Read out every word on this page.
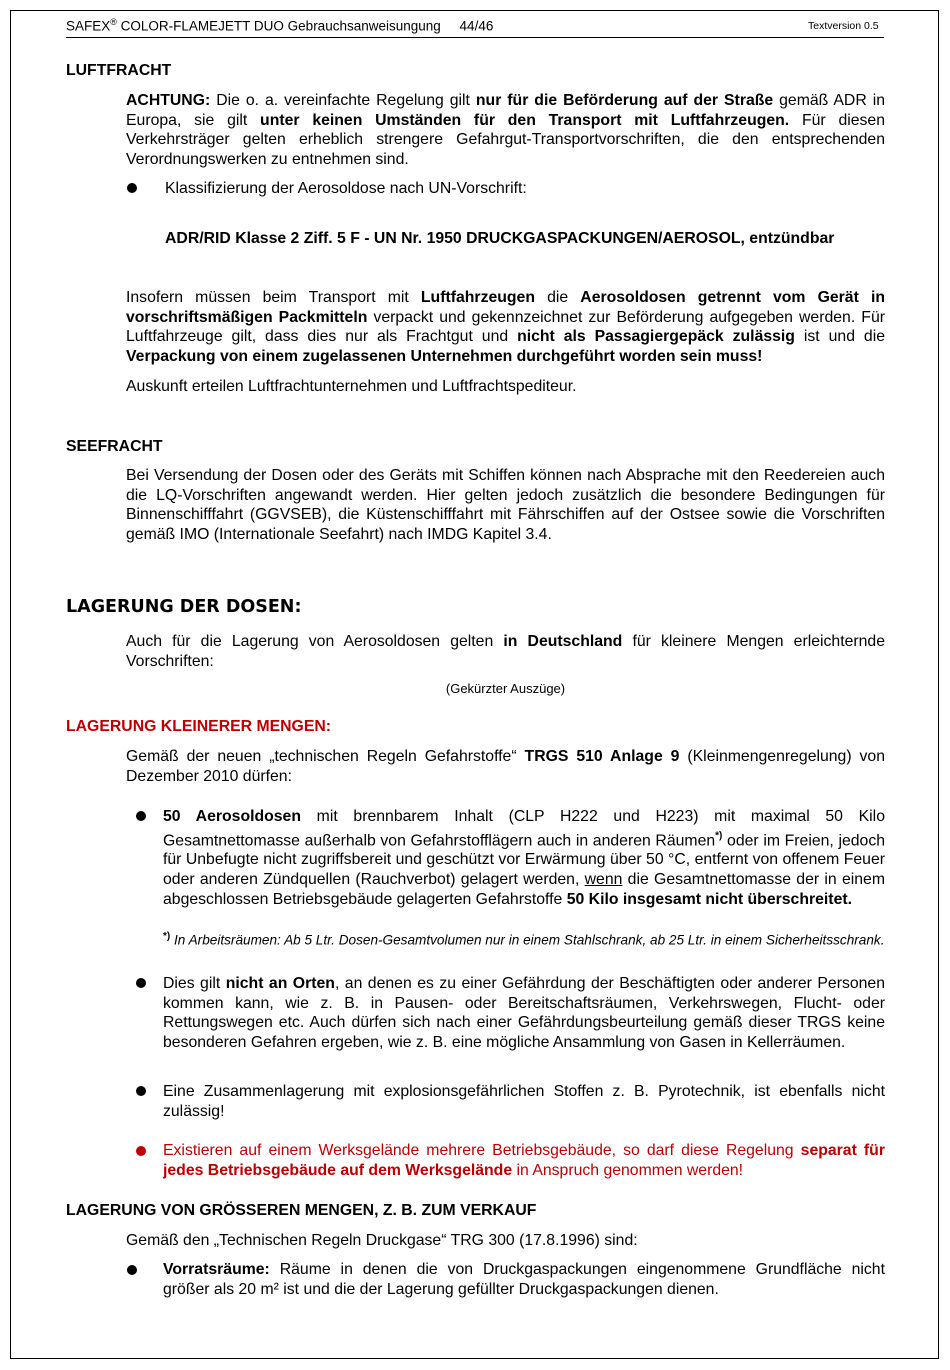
SAFEX® COLOR-FLAMEJETT DUO Gebrauchsanweisungung 44/46	Textversion 0.5
LUFTFRACHT
ACHTUNG: Die o. a. vereinfachte Regelung gilt nur für die Beförderung auf der Straße gemäß ADR in Europa, sie gilt unter keinen Umständen für den Transport mit Luftfahrzeugen. Für diesen Verkehrsträger gelten erheblich strengere Gefahrgut-Transportvorschriften, die den entsprechenden Verordnungswerken zu entnehmen sind.
Klassifizierung der Aerosoldose nach UN-Vorschrift:
ADR/RID Klasse 2 Ziff. 5 F - UN Nr. 1950 DRUCKGASPACKUNGEN/AEROSOL, entzündbar
Insofern müssen beim Transport mit Luftfahrzeugen die Aerosoldosen getrennt vom Gerät in vorschriftsmäßigen Packmitteln verpackt und gekennzeichnet zur Beförderung aufgegeben werden. Für Luftfahrzeuge gilt, dass dies nur als Frachtgut und nicht als Passagiergepäck zulässig ist und die Verpackung von einem zugelassenen Unternehmen durchgeführt worden sein muss!
Auskunft erteilen Luftfrachtunternehmen und Luftfrachtspediteur.
SEEFRACHT
Bei Versendung der Dosen oder des Geräts mit Schiffen können nach Absprache mit den Reedereien auch die LQ-Vorschriften angewandt werden. Hier gelten jedoch zusätzlich die besondere Bedingungen für Binnenschifffahrt (GGVSEB), die Küstenschifffahrt mit Fährschiffen auf der Ostsee sowie die Vorschriften gemäß IMO (Internationale Seefahrt) nach IMDG Kapitel 3.4.
LAGERUNG DER DOSEN:
Auch für die Lagerung von Aerosoldosen gelten in Deutschland für kleinere Mengen erleichternde Vorschriften:
(Gekürzter Auszüge)
LAGERUNG KLEINERER MENGEN:
Gemäß der neuen „technischen Regeln Gefahrstoffe“ TRGS 510 Anlage 9 (Kleinmengenregelung) von Dezember 2010 dürfen:
50 Aerosoldosen mit brennbarem Inhalt (CLP H222 und H223) mit maximal 50 Kilo Gesamtnettomasse außerhalb von Gefahrstofflägern auch in anderen Räumen*) oder im Freien, jedoch für Unbefugte nicht zugriffsbereit und geschützt vor Erwärmung über 50 °C, entfernt von offenem Feuer oder anderen Zündquellen (Rauchverbot) gelagert werden, wenn die Gesamtnettomasse der in einem abgeschlossen Betriebsgebäude gelagerten Gefahrstoffe 50 Kilo insgesamt nicht überschreitet.
*) In Arbeitsräumen: Ab 5 Ltr. Dosen-Gesamtvolumen nur in einem Stahlschrank, ab 25 Ltr. in einem Sicherheitsschrank.
Dies gilt nicht an Orten, an denen es zu einer Gefährdung der Beschäftigten oder anderer Personen kommen kann, wie z. B. in Pausen- oder Bereitschaftsräumen, Verkehrswegen, Flucht- oder Rettungswegen etc. Auch dürfen sich nach einer Gefährdungsbeurteilung gemäß dieser TRGS keine besonderen Gefahren ergeben, wie z. B. eine mögliche Ansammlung von Gasen in Kellerräumen.
Eine Zusammenlagerung mit explosionsgefährlichen Stoffen z. B. Pyrotechnik, ist ebenfalls nicht zulässig!
Existieren auf einem Werksgelände mehrere Betriebsgebäude, so darf diese Regelung separat für jedes Betriebsgebäude auf dem Werksgelände in Anspruch genommen werden!
LAGERUNG VON GRÖSSEREN MENGEN, Z. B. ZUM VERKAUF
Gemäß den „Technischen Regeln Druckgase“ TRG 300 (17.8.1996) sind:
Vorratsräume: Räume in denen die von Druckgaspackungen eingenommene Grundfläche nicht größer als 20 m² ist und die der Lagerung gefüllter Druckgaspackungen dienen.
